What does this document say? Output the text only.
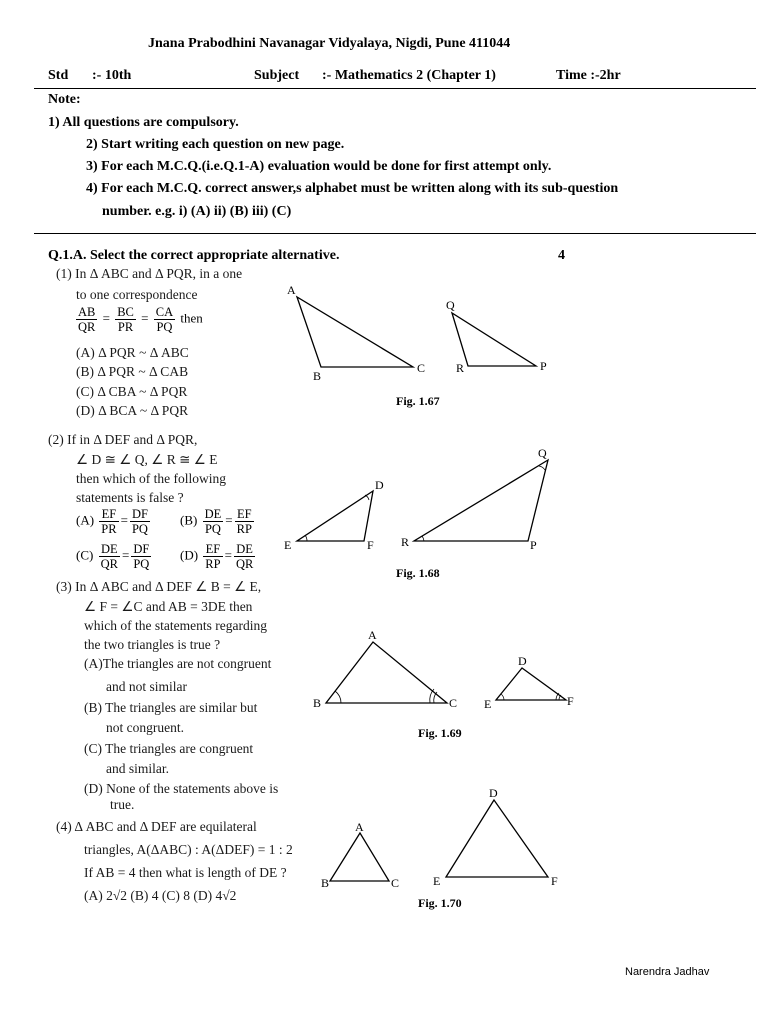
Jnana Prabodhini Navanagar Vidyalaya, Nigdi, Pune 411044
Std :- 10th	Subject :- Mathematics 2 (Chapter 1)	Time :-2hr
Note:
1) All questions are compulsory.
2) Start writing each question on new page.
3) For each M.C.Q.(i.e.Q.1-A) evaluation would be done for first attempt only.
4) For each M.C.Q. correct answer,s alphabet must be written along with its sub-question
number. e.g. i) (A) ii) (B) iii) (C)
Q.1.A. Select the correct appropriate alternative.	4
(1) In Δ ABC and Δ PQR, in a one
to one correspondence
$\frac{AB}{QR} = \frac{BC}{PR} = \frac{CA}{PQ}$ then
(A) Δ PQR ~ Δ ABC
(B) Δ PQR ~ Δ CAB
(C) Δ CBA ~ Δ PQR
(D) Δ BCA ~ Δ PQR
A
B
C
Q
R	P
Fig. 1.67
(2) If in Δ DEF and Δ PQR,
∠ D ≅ ∠ Q, ∠ R ≅ ∠ E
then which of the following
statements is false ?
$(A) \frac{EF}{PR} = \frac{DF}{PQ} (B) \frac{DE}{PQ} = \frac{EF}{RP}$
$(C) \frac{DE}{QR} = \frac{DF}{PQ} (D) \frac{EF}{RP} = \frac{DE}{QR}$
D
E	F
Q
R	P
Fig. 1.68
(3) In Δ ABC and Δ DEF ∠ B = ∠ E,
∠ F = ∠C and AB = 3DE then
which of the statements regarding
the two triangles is true ?
(A)The triangles are not congruent
and not similar
(B) The triangles are similar but
not congruent.
(C) The triangles are congruent
and similar.
(D) None of the statements above is
true.
A
B	C
D
E	F
Fig. 1.69
(4) Δ ABC and Δ DEF are equilateral
triangles, A(ΔABC) : A(ΔDEF) = 1 : 2
If AB = 4 then what is length of DE ?
(A) 2√2 (B) 4 (C) 8 (D) 4√2
A
B	C
D
E	F
Fig. 1.70
Narendra Jadhav
